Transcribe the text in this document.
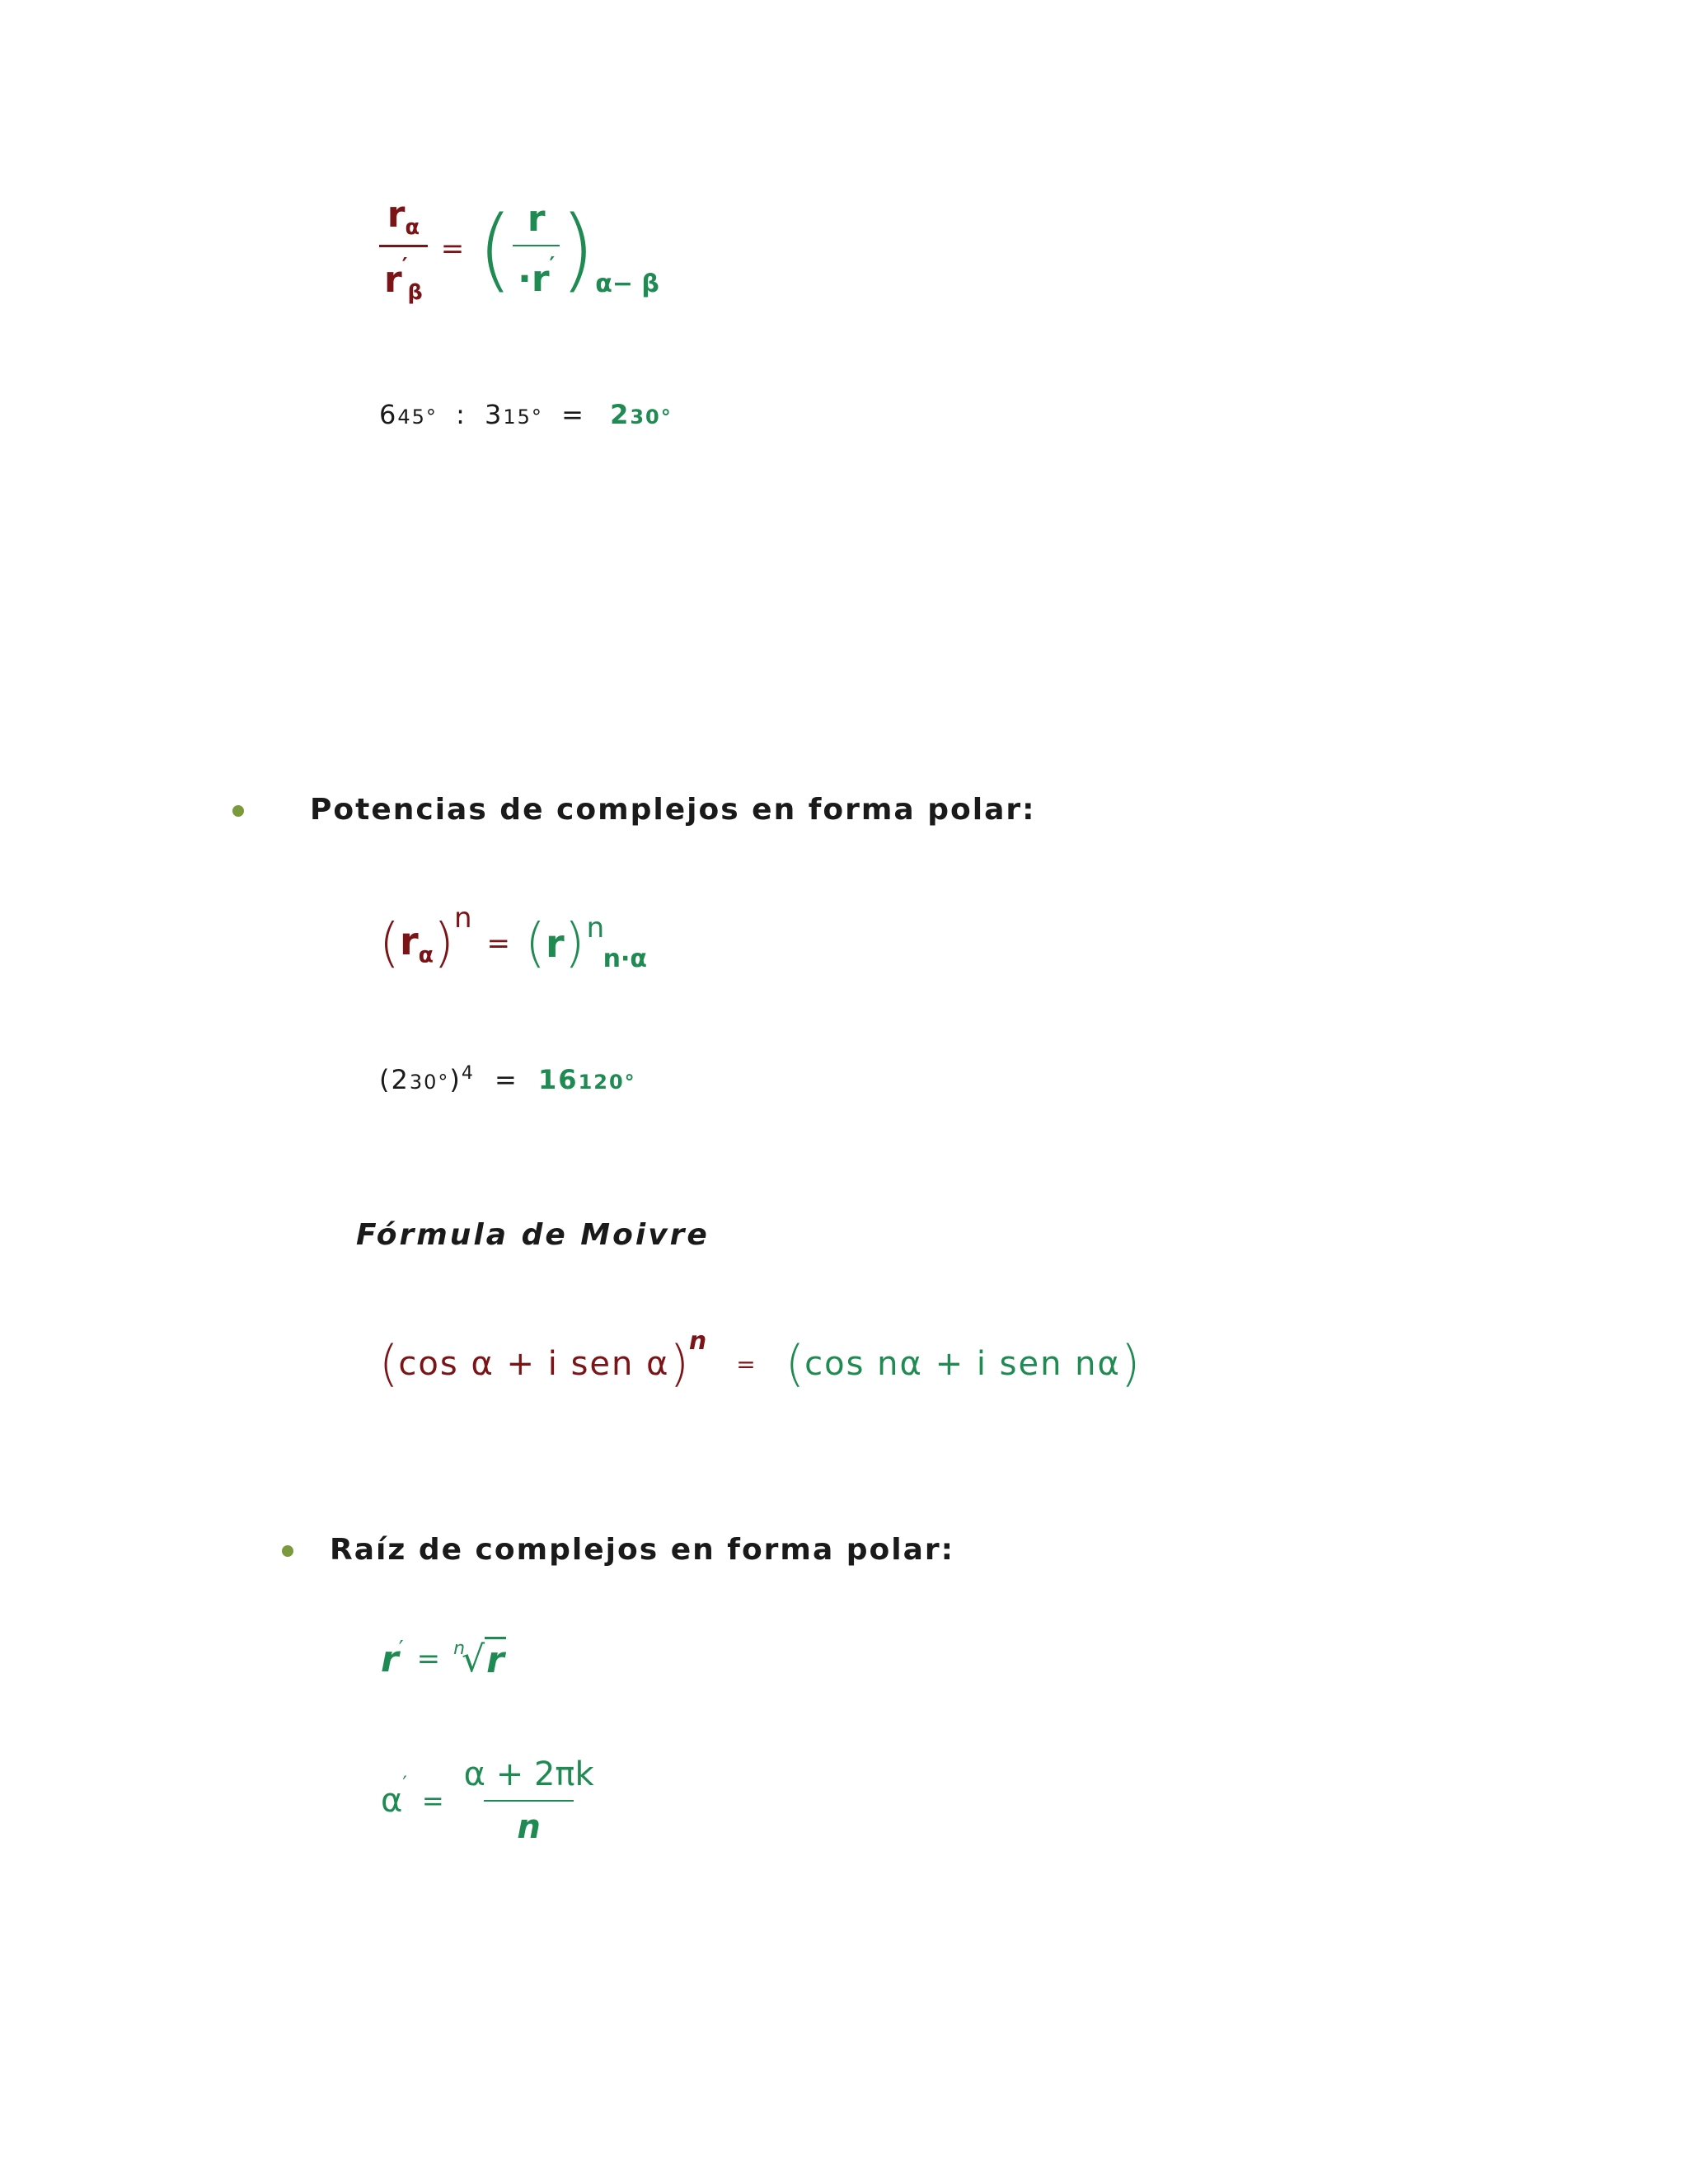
$\frac{r_\alpha}{r'_\beta}$ = ( $\frac{r}{\cdot r'}$ ) α− β
645° : 315° = 230°
Potencias de complejos en forma polar:
( $r_\alpha$ ) n
= ( r ) n
n·α
$(230^\circ)^4 = 16120^\circ$
Fórmula de Moivre
( cos α + i sen α ) n
= ( cos nα + i sen nα )
Raíz de complejos en forma polar:
r ′ = n
√ r
α ′
= $\frac{\alpha + 2\pi k}{n}$
